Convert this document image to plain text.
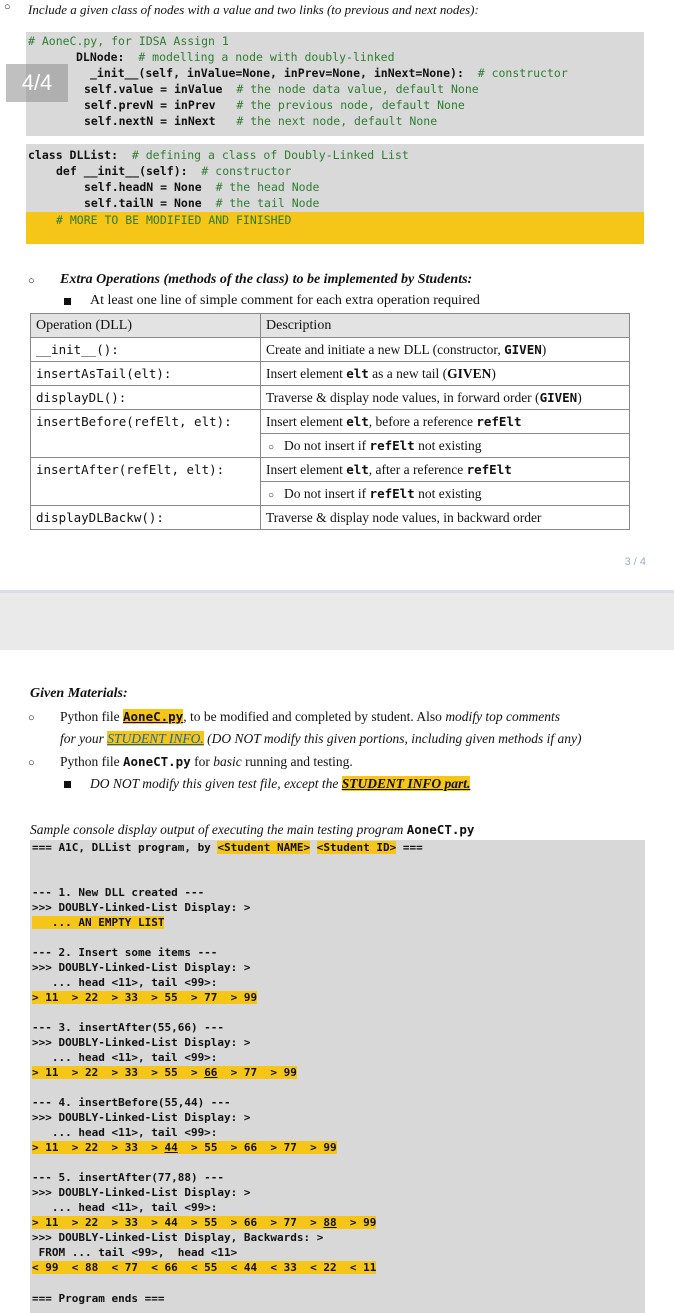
○ Include a given class of nodes with a value and two links (to previous and next nodes):
# AoneC.py, for IDSA Assign 1
DLNode: # modelling a node with doubly-linked
_init__(self, inValue=None, inPrev=None, inNext=None): # constructor
self.value = inValue # the node data value, default None
self.prevN = inPrev # the previous node, default None
self.nextN = inNext # the next node, default None
4/4
class DLList: # defining a class of Doubly-Linked List
def __init__(self): # constructor
self.headN = None # the head Node
self.tailN = None # the tail Node
# MORE TO BE MODIFIED AND FINISHED
○ Extra Operations (methods of the class) to be implemented by Students:
At least one line of simple comment for each extra operation required
Operation (DLL)	Description
__init__():	Create and initiate a new DLL (constructor, GIVEN)
insertAsTail(elt):	Insert element elt as a new tail (GIVEN)
displayDL():	Traverse & display node values, in forward order (GIVEN)
insertBefore(refElt, elt):	Insert element elt, before a reference refElt
	○ Do not insert if refElt not existing
insertAfter(refElt, elt):	Insert element elt, after a reference refElt
	○ Do not insert if refElt not existing
displayDLBackw():	Traverse & display node values, in backward order
3 / 4
Given Materials:
○ Python file AoneC.py, to be modified and completed by student. Also modify top comments
for your STUDENT INFO. (DO NOT modify this given portions, including given methods if any)
○ Python file AoneCT.py for basic running and testing.
DO NOT modify this given test file, except the STUDENT INFO part.
Sample console display output of executing the main testing program AoneCT.py
=== A1C, DLList program, by <Student NAME> <Student ID> ===
--- 1. New DLL created ---
>>> DOUBLY-Linked-List Display: >
... AN EMPTY LIST
--- 2. Insert some items ---
>>> DOUBLY-Linked-List Display: >
... head <11>, tail <99>:
> 11  > 22  > 33  > 55  > 77  > 99
--- 3. insertAfter(55,66) ---
>>> DOUBLY-Linked-List Display: >
... head <11>, tail <99>:
> 11  > 22  > 33  > 55  > 66  > 77  > 99
--- 4. insertBefore(55,44) ---
>>> DOUBLY-Linked-List Display: >
... head <11>, tail <99>:
> 11  > 22  > 33  > 44  > 55  > 66  > 77  > 99
--- 5. insertAfter(77,88) ---
>>> DOUBLY-Linked-List Display: >
... head <11>, tail <99>:
> 11  > 22  > 33  > 44  > 55  > 66  > 77  > 88  > 99
>>> DOUBLY-Linked-List Display, Backwards: >
FROM ... tail <99>,  head <11>
< 99  < 88  < 77  < 66  < 55  < 44  < 33  < 22  < 11
=== Program ends ===
